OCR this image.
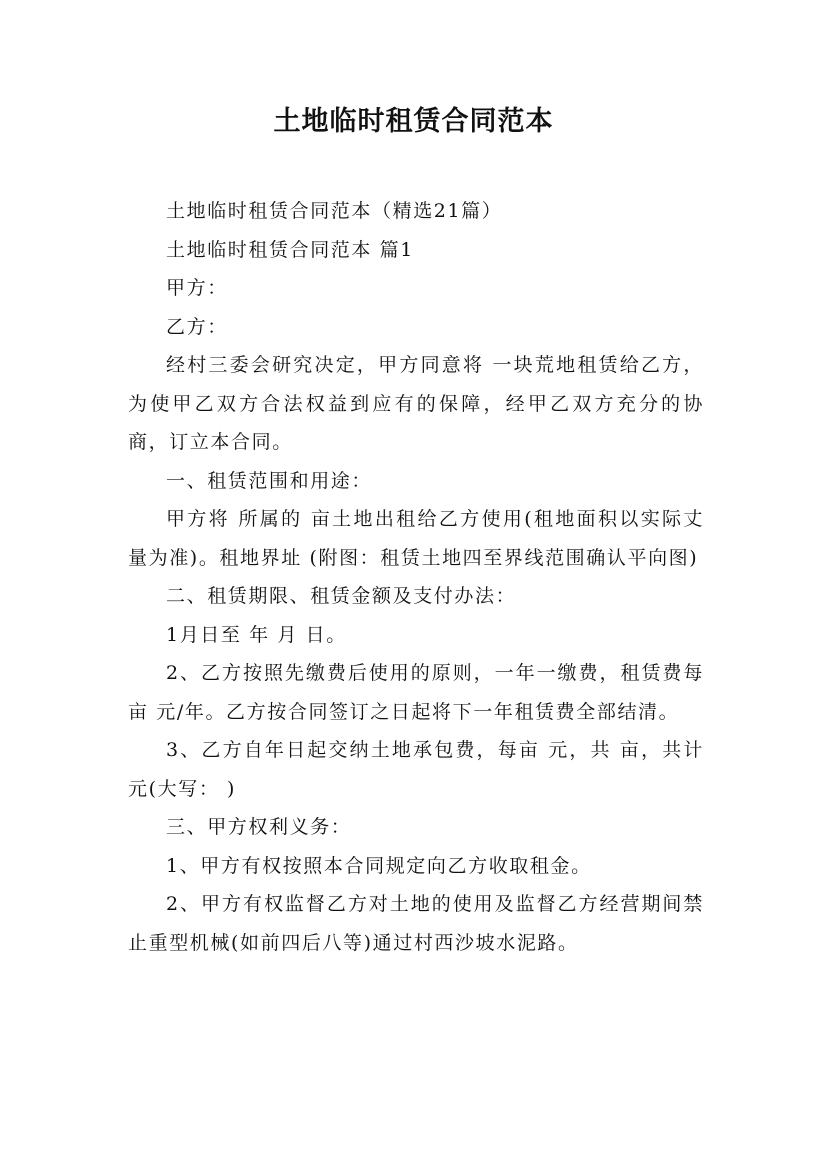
土地临时租赁合同范本

土地临时租赁合同范本（精选21篇）

土地临时租赁合同范本 篇1

甲方：

乙方：

经村三委会研究决定，甲方同意将 一块荒地租赁给乙方，为使甲乙双方合法权益到应有的保障，经甲乙双方充分的协商，订立本合同。

一、租赁范围和用途：

甲方将 所属的 亩土地出租给乙方使用(租地面积以实际丈量为准)。租地界址 (附图：租赁土地四至界线范围确认平向图)

二、租赁期限、租赁金额及支付办法：

1月日至 年 月 日。

2、乙方按照先缴费后使用的原则，一年一缴费，租赁费每亩 元/年。乙方按合同签订之日起将下一年租赁费全部结清。

3、乙方自年日起交纳土地承包费，每亩 元，共 亩，共计 元(大写： )

三、甲方权利义务：

1、甲方有权按照本合同规定向乙方收取租金。

2、甲方有权监督乙方对土地的使用及监督乙方经营期间禁止重型机械(如前四后八等)通过村西沙坡水泥路。
